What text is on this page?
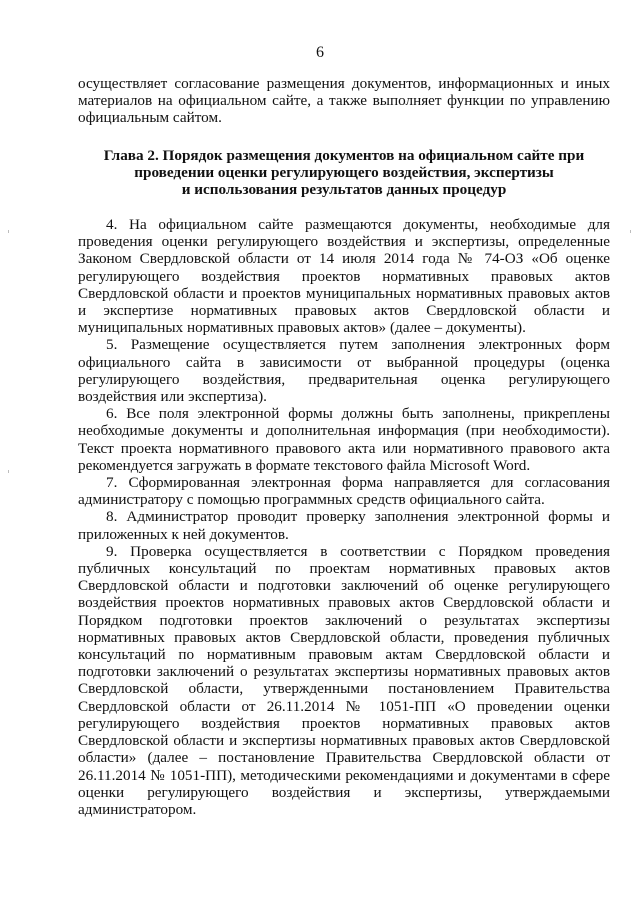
6

осуществляет согласование размещения документов, информационных и иных материалов на официальном сайте, а также выполняет функции по управлению официальным сайтом.

Глава 2. Порядок размещения документов на официальном сайте при
проведении оценки регулирующего воздействия, экспертизы
и использования результатов данных процедур

4. На официальном сайте размещаются документы, необходимые для проведения оценки регулирующего воздействия и экспертизы, определенные Законом Свердловской области от 14 июля 2014 года № 74-ОЗ «Об оценке регулирующего воздействия проектов нормативных правовых актов Свердловской области и проектов муниципальных нормативных правовых актов и экспертизе нормативных правовых актов Свердловской области и муниципальных нормативных правовых актов» (далее – документы).

5. Размещение осуществляется путем заполнения электронных форм официального сайта в зависимости от выбранной процедуры (оценка регулирующего воздействия, предварительная оценка регулирующего воздействия или экспертиза).

6. Все поля электронной формы должны быть заполнены, прикреплены необходимые документы и дополнительная информация (при необходимости). Текст проекта нормативного правового акта или нормативного правового акта рекомендуется загружать в формате текстового файла Microsoft Word.

7. Сформированная электронная форма направляется для согласования администратору с помощью программных средств официального сайта.

8. Администратор проводит проверку заполнения электронной формы и приложенных к ней документов.

9. Проверка осуществляется в соответствии с Порядком проведения публичных консультаций по проектам нормативных правовых актов Свердловской области и подготовки заключений об оценке регулирующего воздействия проектов нормативных правовых актов Свердловской области и Порядком подготовки проектов заключений о результатах экспертизы нормативных правовых актов Свердловской области, проведения публичных консультаций по нормативным правовым актам Свердловской области и подготовки заключений о результатах экспертизы нормативных правовых актов Свердловской области, утвержденными постановлением Правительства Свердловской области от 26.11.2014 № 1051-ПП «О проведении оценки регулирующего воздействия проектов нормативных правовых актов Свердловской области и экспертизы нормативных правовых актов Свердловской области» (далее – постановление Правительства Свердловской области от 26.11.2014 № 1051-ПП), методическими рекомендациями и документами в сфере оценки регулирующего воздействия и экспертизы, утверждаемыми администратором.
